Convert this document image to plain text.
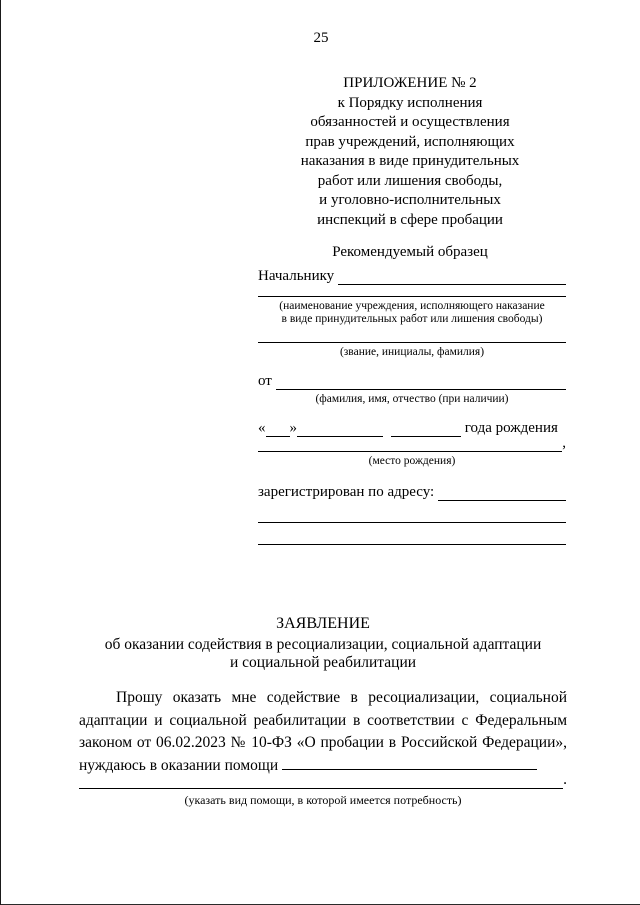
25
ПРИЛОЖЕНИЕ № 2
к Порядку исполнения
обязанностей и осуществления
прав учреждений, исполняющих
наказания в виде принудительных
работ или лишения свободы,
и уголовно-исполнительных
инспекций в сфере пробации
Рекомендуемый образец
Начальнику
(наименование учреждения, исполняющего наказание
в виде принудительных работ или лишения свободы)
(звание, инициалы, фамилия)
от
(фамилия, имя, отчество (при наличии)
« »	года рождения
,
(место рождения)
зарегистрирован по адресу:
ЗАЯВЛЕНИЕ
об оказании содействия в ресоциализации, социальной адаптации
и социальной реабилитации
Прошу оказать мне содействие в ресоциализации, социальной адаптации и социальной реабилитации в соответствии с Федеральным законом от 06.02.2023 № 10-ФЗ «О пробации в Российской Федерации», нуждаюсь в оказании помощи
.
(указать вид помощи, в которой имеется потребность)
